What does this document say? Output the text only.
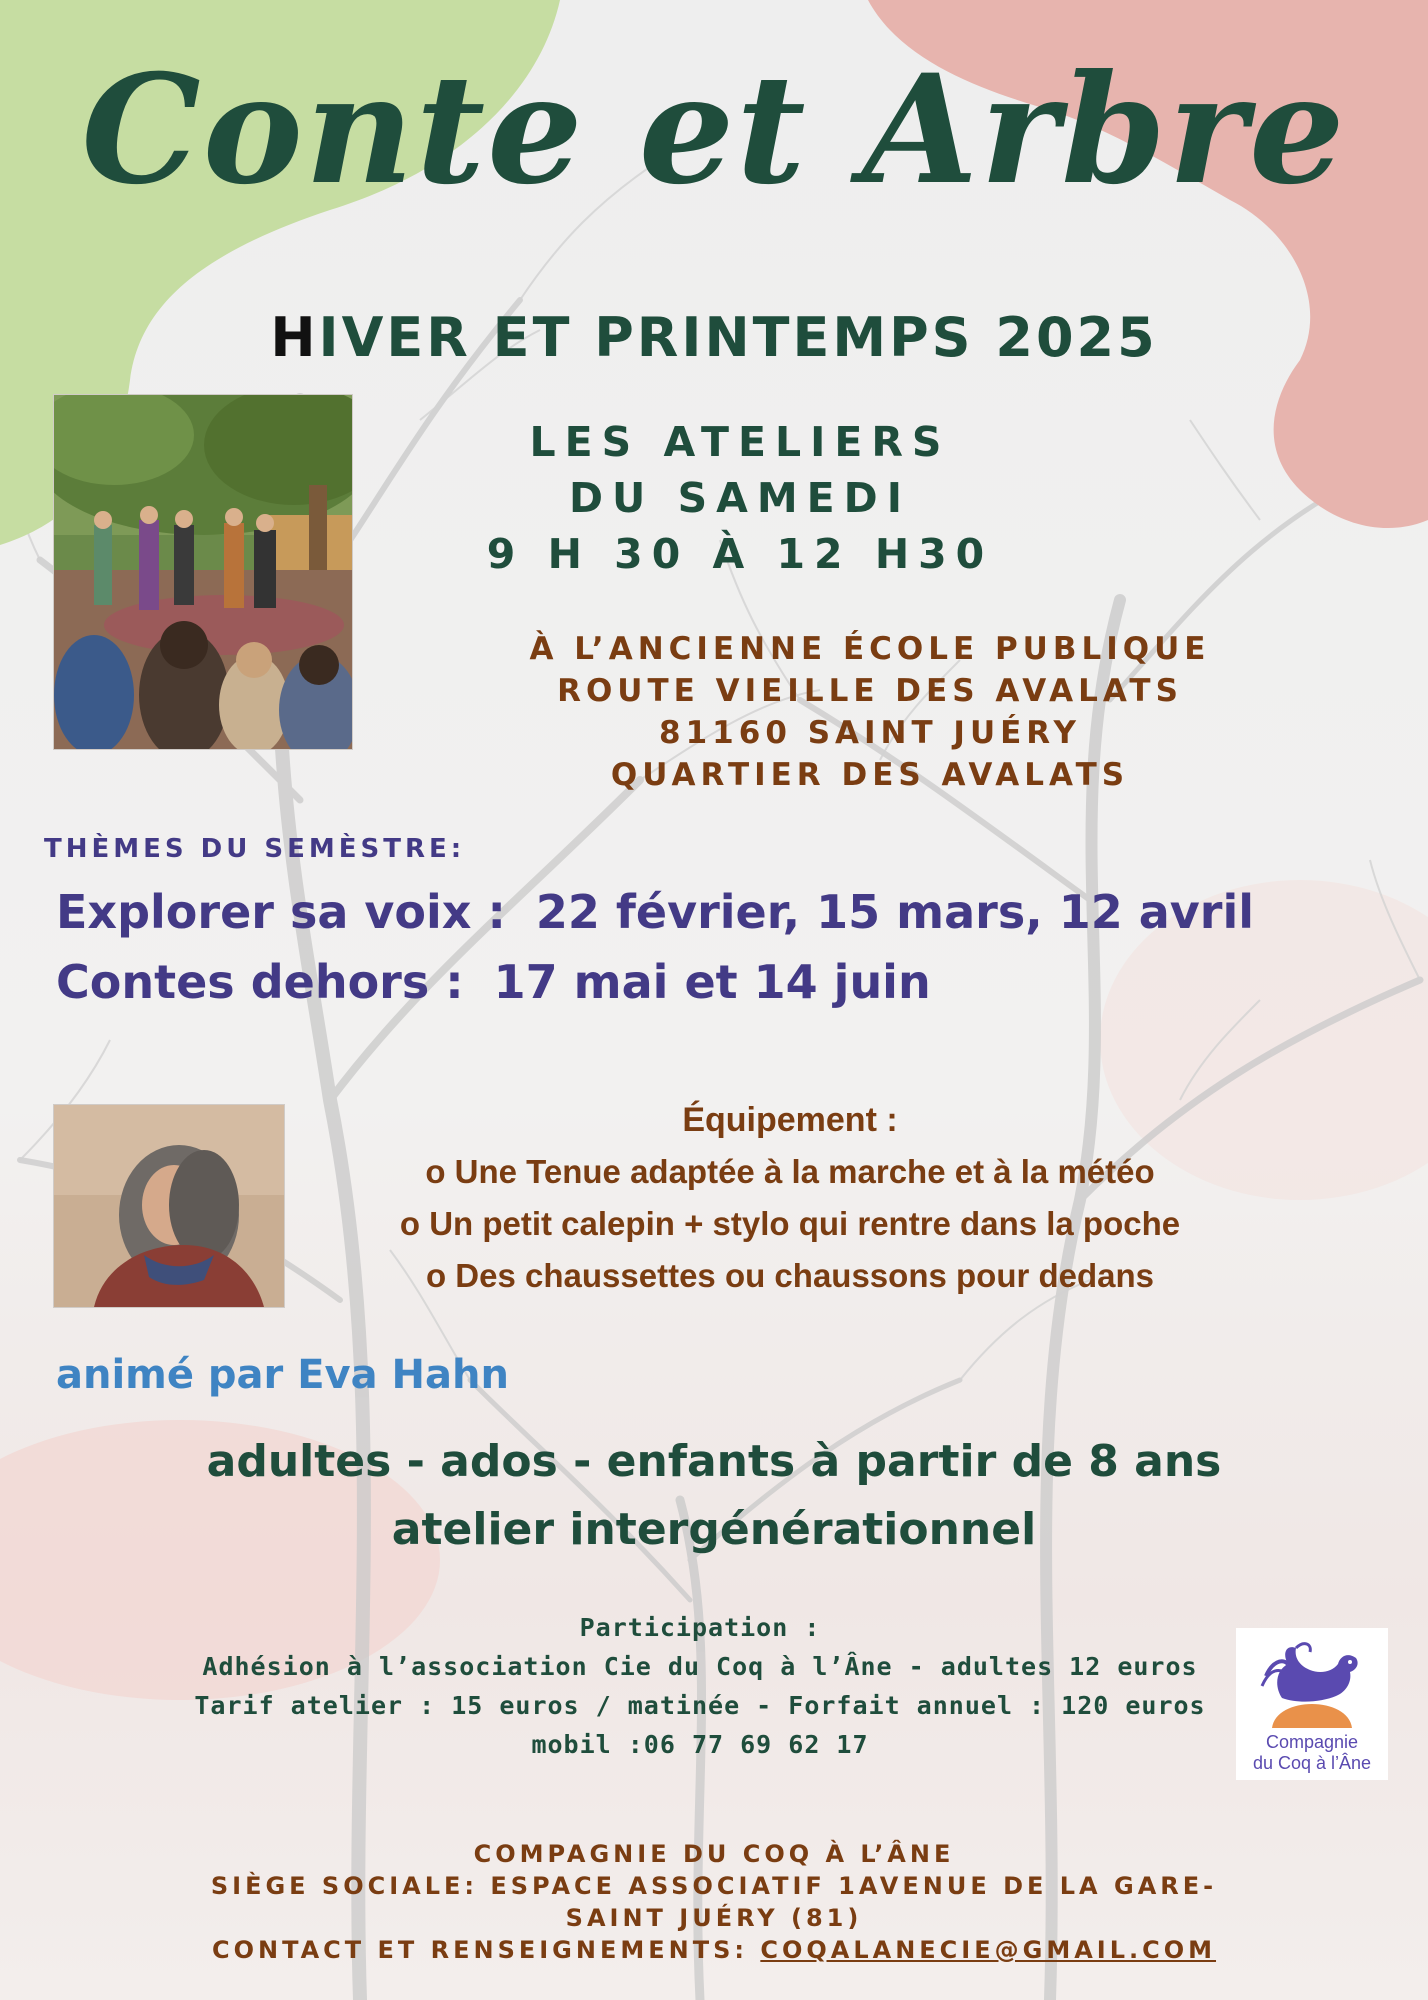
Conte et Arbre
HIVER ET PRINTEMPS 2025
LES ATELIERS
DU SAMEDI
9 H 30 À 12 H30
À L’ANCIENNE ÉCOLE PUBLIQUE
ROUTE VIEILLE DES AVALATS
81160 SAINT JUÉRY
QUARTIER DES AVALATS
THÈMES DU SEMÈSTRE:
Explorer sa voix : 22 février, 15 mars, 12 avril
Contes dehors : 17 mai et 14 juin
Équipement :
o Une Tenue adaptée à la marche et à la météo
o Un petit calepin + stylo qui rentre dans la poche
o Des chaussettes ou chaussons pour dedans
animé par Eva Hahn
adultes - ados - enfants à partir de 8 ans
atelier intergénérationnel
Participation :
Adhésion à l’association Cie du Coq à l’Âne - adultes 12 euros
Tarif atelier : 15 euros / matinée - Forfait annuel : 120 euros
mobil :06 77 69 62 17	Compagnie
du Coq à l’Âne
COMPAGNIE DU COQ À L’ÂNE
SIÈGE SOCIALE: ESPACE ASSOCIATIF 1AVENUE DE LA GARE-
SAINT JUÉRY (81)
CONTACT ET RENSEIGNEMENTS: COQALANECIE@GMAIL.COM
